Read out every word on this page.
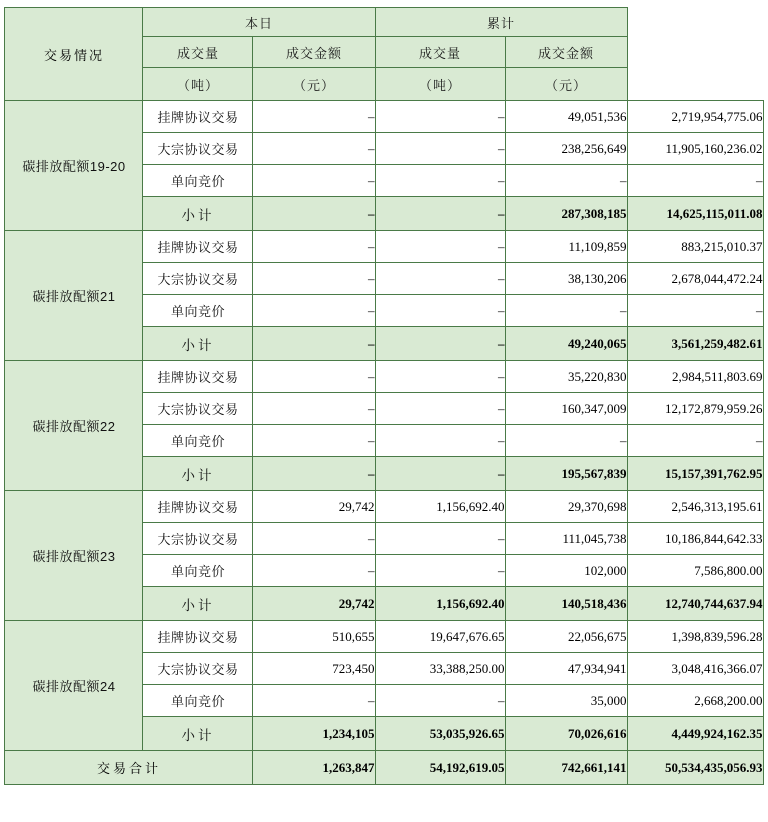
交易情况	本日		累计		
	成交量	成交金额	成交量	成交金额	
	（吨）	（元）	（吨）	（元）	
碳排放配额19-20	挂牌协议交易	–	–	49,051,536	2,719,954,775.06
	大宗协议交易	–	–	238,256,649	11,905,160,236.02
	单向竞价	–	–	–	–
	小计	–	–	287,308,185	14,625,115,011.08
碳排放配额21	挂牌协议交易	–	–	11,109,859	883,215,010.37
	大宗协议交易	–	–	38,130,206	2,678,044,472.24
	单向竞价	–	–	–	–
	小计	–	–	49,240,065	3,561,259,482.61
碳排放配额22	挂牌协议交易	–	–	35,220,830	2,984,511,803.69
	大宗协议交易	–	–	160,347,009	12,172,879,959.26
	单向竞价	–	–	–	–
	小计	–	–	195,567,839	15,157,391,762.95
碳排放配额23	挂牌协议交易	29,742	1,156,692.40	29,370,698	2,546,313,195.61
	大宗协议交易	–	–	111,045,738	10,186,844,642.33
	单向竞价	–	–	102,000	7,586,800.00
	小计	29,742	1,156,692.40	140,518,436	12,740,744,637.94
碳排放配额24	挂牌协议交易	510,655	19,647,676.65	22,056,675	1,398,839,596.28
	大宗协议交易	723,450	33,388,250.00	47,934,941	3,048,416,366.07
	单向竞价	–	–	35,000	2,668,200.00
	小计	1,234,105	53,035,926.65	70,026,616	4,449,924,162.35
交易合计		1,263,847	54,192,619.05	742,661,141	50,534,435,056.93
